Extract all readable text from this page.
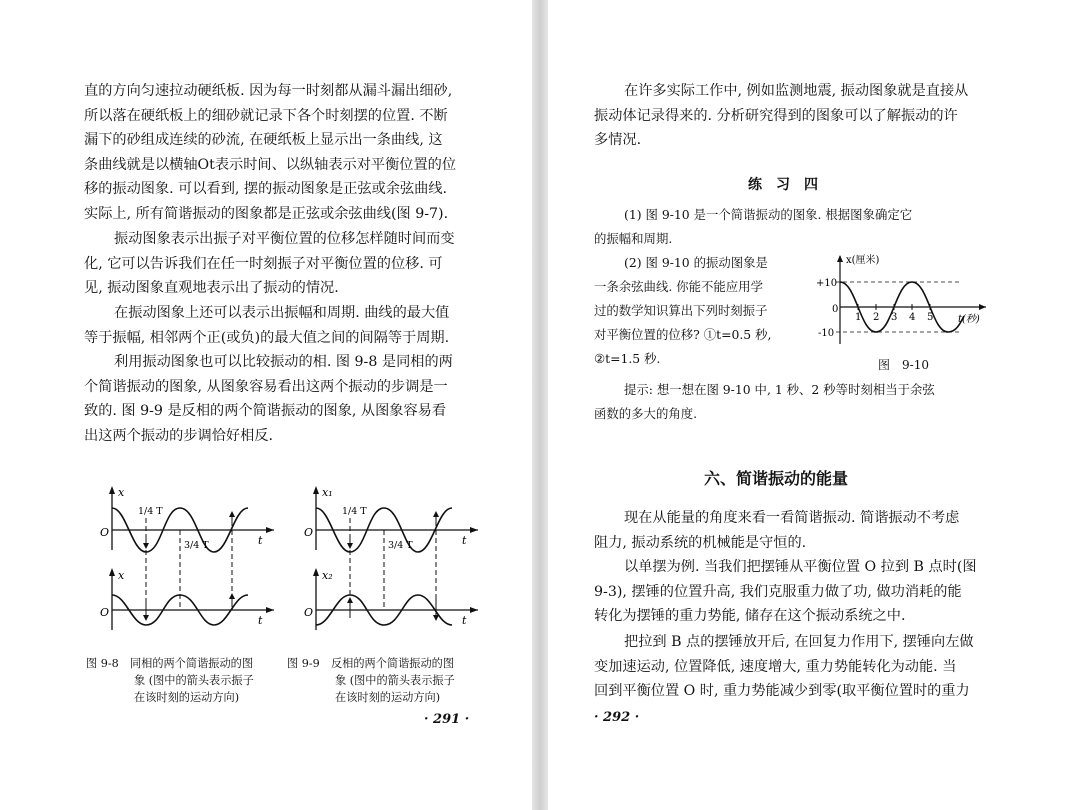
直的方向匀速拉动硬纸板. 因为每一时刻都从漏斗漏出细砂,
所以落在硬纸板上的细砂就记录下各个时刻摆的位置. 不断
漏下的砂组成连续的砂流, 在硬纸板上显示出一条曲线, 这
条曲线就是以横轴Ot表示时间、以纵轴表示对平衡位置的位
移的振动图象. 可以看到, 摆的振动图象是正弦或余弦曲线.
实际上, 所有简谐振动的图象都是正弦或余弦曲线(图 9-7).
振动图象表示出振子对平衡位置的位移怎样随时间而变
化, 它可以告诉我们在任一时刻振子对平衡位置的位移. 可
见, 振动图象直观地表示出了振动的情况.
在振动图象上还可以表示出振幅和周期. 曲线的最大值
等于振幅, 相邻两个正(或负)的最大值之间的间隔等于周期.
利用振动图象也可以比较振动的相. 图 9-8 是同相的两
个简谐振动的图象, 从图象容易看出这两个振动的步调是一
致的. 图 9-9 是反相的两个简谐振动的图象, 从图象容易看
出这两个振动的步调恰好相反.
x
O
t
1/4 T
3/4 T
x
O
t
x₁
O
t
1/4 T
3/4 T
x₂
O
t
图 9-8　同相的两个简谐振动的图
象 (图中的箭头表示振子
在该时刻的运动方向)
图 9-9　反相的两个简谐振动的图
象 (图中的箭头表示振子
在该时刻的运动方向)
· 291 ·
在许多实际工作中, 例如监测地震, 振动图象就是直接从
振动体记录得来的. 分析研究得到的图象可以了解振动的许
多情况.
练　习　四
(1) 图 9-10 是一个简谐振动的图象. 根据图象确定它
的振幅和周期.
(2) 图 9-10 的振动图象是
一条余弦曲线. 你能不能应用学
过的数学知识算出下列时刻振子
对平衡位置的位移? ①t=0.5 秒,
②t=1.5 秒.
x(厘米)
t(秒)
0
+10
-10
1 2 3 4 5
图　9-10
提示: 想一想在图 9-10 中, 1 秒、2 秒等时刻相当于余弦
函数的多大的角度.
六、简谐振动的能量
现在从能量的角度来看一看简谐振动. 简谐振动不考虑
阻力, 振动系统的机械能是守恒的.
以单摆为例. 当我们把摆锤从平衡位置 O 拉到 B 点时(图
9-3), 摆锤的位置升高, 我们克服重力做了功, 做功消耗的能
转化为摆锤的重力势能, 储存在这个振动系统之中.
把拉到 B 点的摆锤放开后, 在回复力作用下, 摆锤向左做
变加速运动, 位置降低, 速度增大, 重力势能转化为动能. 当
回到平衡位置 O 时, 重力势能减少到零(取平衡位置时的重力
· 292 ·
